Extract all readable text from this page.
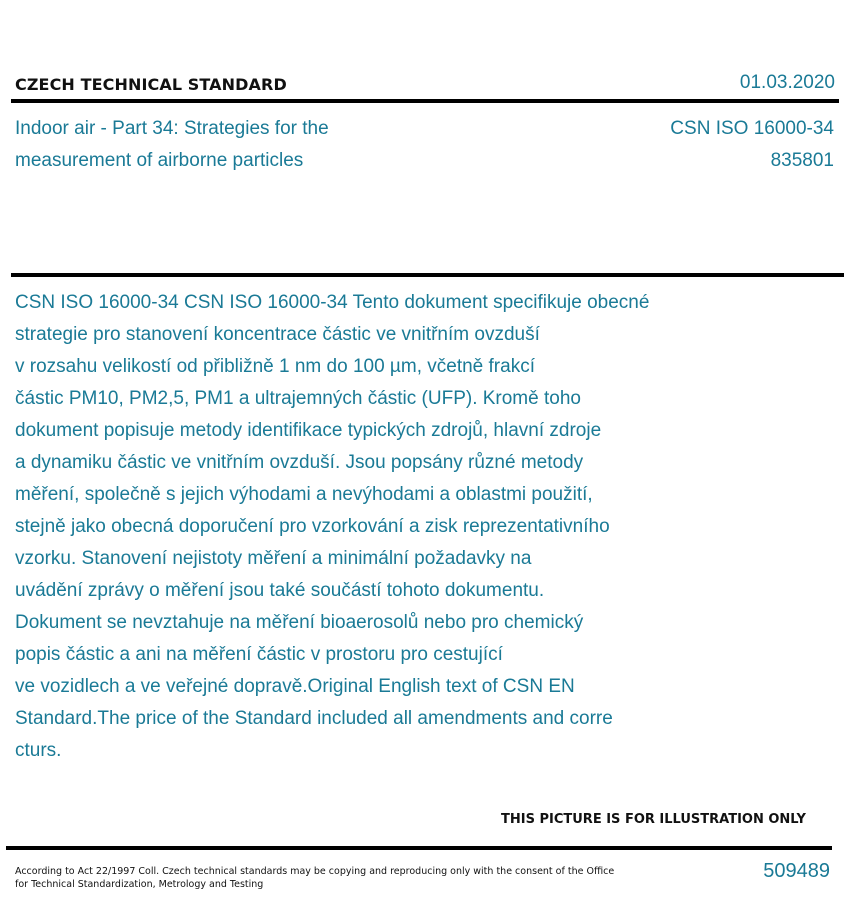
CZECH TECHNICAL STANDARD	01.03.2020
Indoor air - Part 34: Strategies for the
measurement of airborne particles
CSN ISO 16000-34
835801
CSN ISO 16000-34 CSN ISO 16000-34 Tento dokument specifikuje obecné
strategie pro stanovení koncentrace částic ve vnitřním ovzduší
v rozsahu velikostí od přibližně 1 nm do 100 µm, včetně frakcí
částic PM10, PM2,5, PM1 a ultrajemných částic (UFP). Kromě toho
dokument popisuje metody identifikace typických zdrojů, hlavní zdroje
a dynamiku částic ve vnitřním ovzduší. Jsou popsány různé metody
měření, společně s jejich výhodami a nevýhodami a oblastmi použití,
stejně jako obecná doporučení pro vzorkování a zisk reprezentativního
vzorku. Stanovení nejistoty měření a minimální požadavky na
uvádění zprávy o měření jsou také součástí tohoto dokumentu.
Dokument se nevztahuje na měření bioaerosolů nebo pro chemický
popis částic a ani na měření částic v prostoru pro cestující
ve vozidlech a ve veřejné dopravě.Original English text of CSN EN
Standard.The price of the Standard included all amendments and corre
cturs.
THIS PICTURE IS FOR ILLUSTRATION ONLY
According to Act 22/1997 Coll. Czech technical standards may be copying and reproducing only with the consent of the Office
for Technical Standardization, Metrology and Testing
509489
